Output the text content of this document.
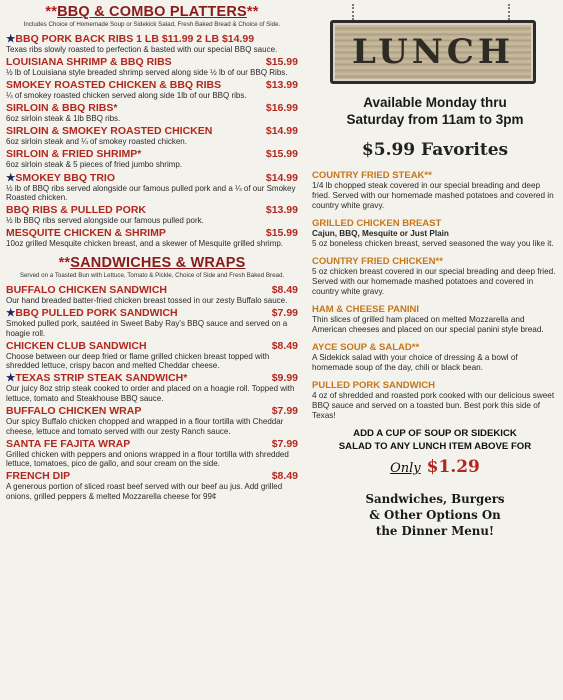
**BBQ & COMBO PLATTERS**
Includes Choice of Homemade Soup or Sidekick Salad, Fresh Baked Bread & Choice of Side.
★BBQ PORK BACK RIBS 1 LB $11.99 2 LB $14.99
Texas ribs slowly roasted to perfection & basted with our special BBQ sauce.
LOUISIANA SHRIMP & BBQ RIBS	$15.99
½ lb of Louisiana style breaded shrimp served along side ½ lb of our BBQ Ribs.
SMOKEY ROASTED CHICKEN & BBQ RIBS	$13.99
¼ of smokey roasted chicken served along side 1lb of our BBQ ribs.
SIRLOIN & BBQ RIBS*	$16.99
6oz sirloin steak & 1lb BBQ ribs.
SIRLOIN & SMOKEY ROASTED CHICKEN	$14.99
6oz sirloin steak and ¼ of smokey roasted chicken.
SIRLOIN & FRIED SHRIMP*	$15.99
6oz sirloin steak & 5 pieces of fried jumbo shrimp.
★SMOKEY BBQ TRIO	$14.99
½ lb of BBQ ribs served alongside our famous pulled pork and a ¼ of our Smokey Roasted chicken.
BBQ RIBS & PULLED PORK	$13.99
½ lb BBQ ribs served alongside our famous pulled pork.
MESQUITE CHICKEN & SHRIMP	$15.99
10oz grilled Mesquite chicken breast, and a skewer of Mesquite grilled shrimp.
**SANDWICHES & WRAPS
Served on a Toasted Bun with Lettuce, Tomato & Pickle, Choice of Side and Fresh Baked Bread.
BUFFALO CHICKEN SANDWICH	$8.49
Our hand breaded batter-fried chicken breast tossed in our zesty Buffalo sauce.
★BBQ PULLED PORK SANDWICH	$7.99
Smoked pulled pork, sautéed in Sweet Baby Ray's BBQ sauce and served on a hoagie roll.
CHICKEN CLUB SANDWICH	$8.49
Choose between our deep fried or flame grilled chicken breast topped with shredded lettuce, crispy bacon and melted Cheddar cheese.
★TEXAS STRIP STEAK SANDWICH*	$9.99
Our juicy 8oz strip steak cooked to order and placed on a hoagie roll. Topped with lettuce, tomato and Steakhouse BBQ sauce.
BUFFALO CHICKEN WRAP	$7.99
Our spicy Buffalo chicken chopped and wrapped in a flour tortilla with Cheddar cheese, lettuce and tomato served with our zesty Ranch sauce.
SANTA FE FAJITA WRAP	$7.99
Grilled chicken with peppers and onions wrapped in a flour tortilla with shredded lettuce, tomatoes, pico de gallo, and sour cream on the side.
FRENCH DIP	$8.49
A generous portion of sliced roast beef served with our beef au jus. Add grilled onions, grilled peppers & melted Mozzarella cheese for 99¢
LUNCH
Available Monday thru
Saturday from 11am to 3pm
$5.99 Favorites
COUNTRY FRIED STEAK**
1/4 lb chopped steak covered in our special breading and deep fried. Served with our homemade mashed potatoes and covered in country white gravy.
GRILLED CHICKEN BREAST
Cajun, BBQ, Mesquite or Just Plain
5 oz boneless chicken breast, served seasoned the way you like it.
COUNTRY FRIED CHICKEN**
5 oz chicken breast covered in our special breading and deep fried. Served with our homemade mashed potatoes and covered in country white gravy.
HAM & CHEESE PANINI
Thin slices of grilled ham placed on melted Mozzarella and American cheeses and placed on our special panini style bread.
AYCE SOUP & SALAD**
A Sidekick salad with your choice of dressing & a bowl of homemade soup of the day, chili or black bean.
PULLED PORK SANDWICH
4 oz of shredded and roasted pork cooked with our delicious sweet BBQ sauce and served on a toasted bun. Best pork this side of Texas!
ADD A CUP OF SOUP OR SIDEKICK
SALAD TO ANY LUNCH ITEM ABOVE FOR
Only $1.29
Sandwiches, Burgers
& Other Options On
the Dinner Menu!
